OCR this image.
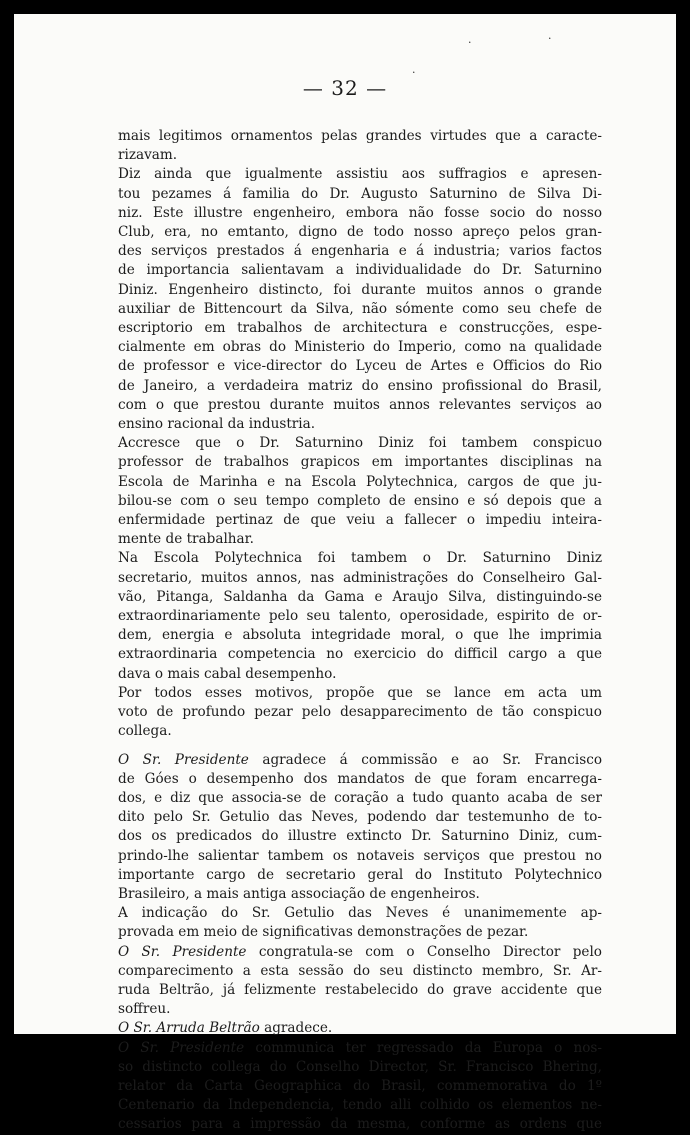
·	·
·
— 32 —

mais legitimos ornamentos pelas grandes virtudes que a caracte-
rizavam.

Diz ainda que igualmente assistiu aos suffragios e apresen-
tou pezames á familia do Dr. Augusto Saturnino de Silva Di-
niz. Este illustre engenheiro, embora não fosse socio do nosso
Club, era, no emtanto, digno de todo nosso apreço pelos gran-
des serviços prestados á engenharia e á industria; varios factos
de importancia salientavam a individualidade do Dr. Saturnino
Diniz. Engenheiro distincto, foi durante muitos annos o grande
auxiliar de Bittencourt da Silva, não sómente como seu chefe de
escriptorio em trabalhos de architectura e construcções, espe-
cialmente em obras do Ministerio do Imperio, como na qualidade
de professor e vice-director do Lyceu de Artes e Officios do Rio
de Janeiro, a verdadeira matriz do ensino profissional do Brasil,
com o que prestou durante muitos annos relevantes serviços ao
ensino racional da industria.

Accresce que o Dr. Saturnino Diniz foi tambem conspicuo
professor de trabalhos grapicos em importantes disciplinas na
Escola de Marinha e na Escola Polytechnica, cargos de que ju-
bilou-se com o seu tempo completo de ensino e só depois que a
enfermidade pertinaz de que veiu a fallecer o impediu inteira-
mente de trabalhar.

Na Escola Polytechnica foi tambem o Dr. Saturnino Diniz
secretario, muitos annos, nas administrações do Conselheiro Gal-
vão, Pitanga, Saldanha da Gama e Araujo Silva, distinguindo-se
extraordinariamente pelo seu talento, operosidade, espirito de or-
dem, energia e absoluta integridade moral, o que lhe imprimia
extraordinaria competencia no exercicio do difficil cargo a que
dava o mais cabal desempenho.

Por todos esses motivos, propõe que se lance em acta um
voto de profundo pezar pelo desapparecimento de tão conspicuo
collega.

O Sr. Presidente agradece á commissão e ao Sr. Francisco
de Góes o desempenho dos mandatos de que foram encarrega-
dos, e diz que associa-se de coração a tudo quanto acaba de ser
dito pelo Sr. Getulio das Neves, podendo dar testemunho de to-
dos os predicados do illustre extincto Dr. Saturnino Diniz, cum-
prindo-lhe salientar tambem os notaveis serviços que prestou no
importante cargo de secretario geral do Instituto Polytechnico
Brasileiro, a mais antiga associação de engenheiros.

A indicação do Sr. Getulio das Neves é unanimemente ap-
provada em meio de significativas demonstrações de pezar.

O Sr. Presidente congratula-se com o Conselho Director pelo
comparecimento a esta sessão do seu distincto membro, Sr. Ar-
ruda Beltrão, já felizmente restabelecido do grave accidente que
soffreu.

O Sr. Arruda Beltrão agradece.

O Sr. Presidente communica ter regressado da Europa o nos-
so distincto collega do Conselho Director, Sr. Francisco Bhering,
relator da Carta Geographica do Brasil, commemorativa do 1º
Centenario da Independencia, tendo alli colhido os elementos ne-
cessarios para a impressão da mesma, conforme as ordens que
